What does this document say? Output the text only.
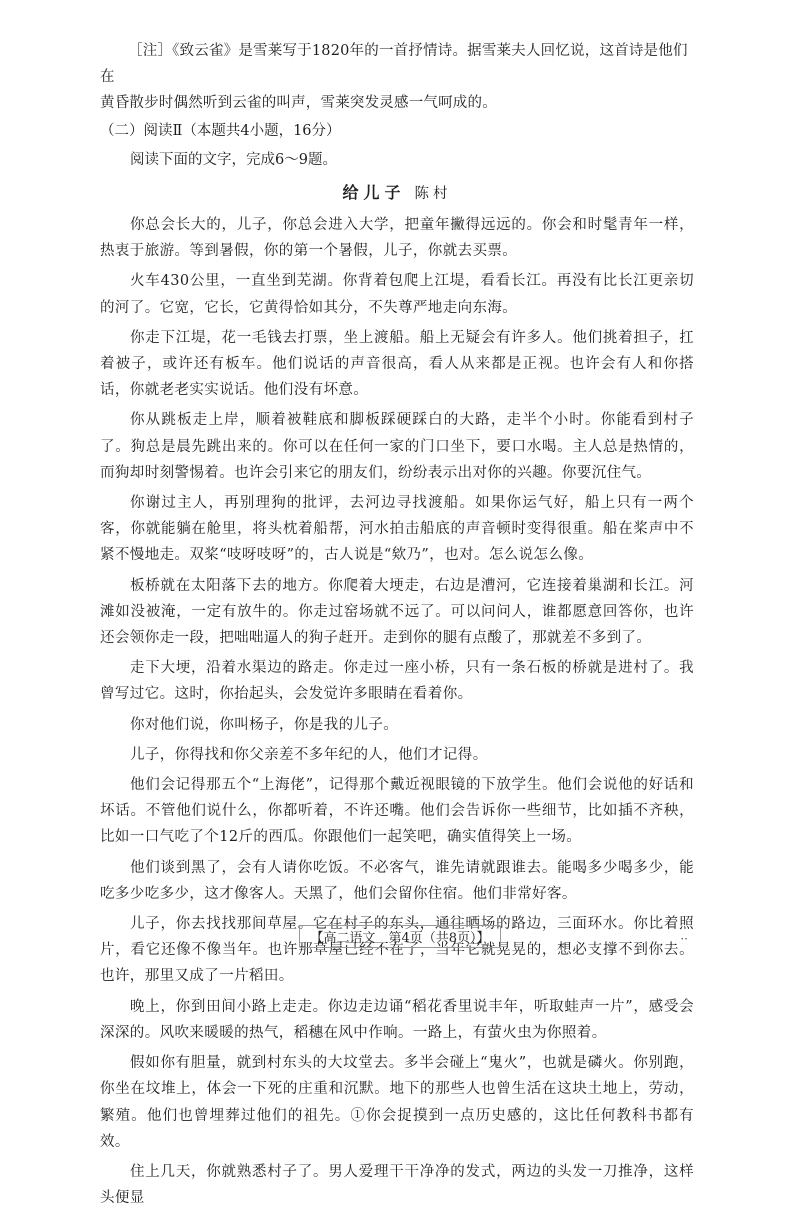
［注］《致云雀》是雪莱写于1820年的一首抒情诗。据雪莱夫人回忆说，这首诗是他们在

黄昏散步时偶然听到云雀的叫声，雪莱突发灵感一气呵成的。

（二）阅读Ⅱ（本题共4小题，16分）

阅读下面的文字，完成6～9题。

给儿子 陈村

你总会长大的，儿子，你总会进入大学，把童年撇得远远的。你会和时髦青年一样，热衷于旅游。等到暑假，你的第一个暑假，儿子，你就去买票。

火车430公里，一直坐到芜湖。你背着包爬上江堤，看看长江。再没有比长江更亲切的河了。它宽，它长，它黄得恰如其分，不失尊严地走向东海。

你走下江堤，花一毛钱去打票，坐上渡船。船上无疑会有许多人。他们挑着担子，扛着被子，或许还有板车。他们说话的声音很高，看人从来都是正视。也许会有人和你搭话，你就老老实实说话。他们没有坏意。

你从跳板走上岸，顺着被鞋底和脚板踩硬踩白的大路，走半个小时。你能看到村子了。狗总是晨先跳出来的。你可以在任何一家的门口坐下，要口水喝。主人总是热情的，而狗却时刻警惕着。也许会引来它的朋友们，纷纷表示出对你的兴趣。你要沉住气。

你谢过主人，再别理狗的批评，去河边寻找渡船。如果你运气好，船上只有一两个客，你就能躺在舱里，将头枕着船帮，河水拍击船底的声音顿时变得很重。船在桨声中不紧不慢地走。双桨“吱呀吱呀”的，古人说是“欸乃”，也对。怎么说怎么像。

板桥就在太阳落下去的地方。你爬着大埂走，右边是漕河，它连接着巢湖和长江。河滩如没被淹，一定有放牛的。你走过窑场就不远了。可以问问人，谁都愿意回答你，也许还会领你走一段，把咄咄逼人的狗子赶开。走到你的腿有点酸了，那就差不多到了。

走下大埂，沿着水渠边的路走。你走过一座小桥，只有一条石板的桥就是进村了。我曾写过它。这时，你抬起头，会发觉许多眼睛在看着你。

你对他们说，你叫杨子，你是我的儿子。

儿子，你得找和你父亲差不多年纪的人，他们才记得。

他们会记得那五个“上海佬”，记得那个戴近视眼镜的下放学生。他们会说他的好话和坏话。不管他们说什么，你都听着，不许还嘴。他们会告诉你一些细节，比如插不齐秧，比如一口气吃了个12斤的西瓜。你跟他们一起笑吧，确实值得笑上一场。

他们谈到黑了，会有人请你吃饭。不必客气，谁先请就跟谁去。能喝多少喝多少，能吃多少吃多少，这才像客人。天黑了，他们会留你住宿。他们非常好客。

儿子，你去找找那间草屋。它在村子的东头，通往晒场的路边，三面环水。你比着照片，看它还像不像当年。也许那草屋已经不在了，当年它就晃晃的，想必支撑不到你去。也许，那里又成了一片稻田。

晚上，你到田间小路上走走。你边走边诵“稻花香里说丰年，听取蛙声一片”，感受会深深的。风吹来暖暖的热气，稻穗在风中作响。一路上，有萤火虫为你照着。

假如你有胆量，就到村东头的大坟堂去。多半会碰上“鬼火”，也就是磷火。你别跑，你坐在坟堆上，体会一下死的庄重和沉默。地下的那些人也曾生活在这块土地上，劳动，繁殖。他们也曾埋葬过他们的祖先。①你会捉摸到一点历史感的，这比任何教科书都有效。

住上几天，你就熟悉村子了。男人爱理干干净净的发式，两边的头发一刀推净，这样头便显

【高二语文　第4页（共8页）】	··
